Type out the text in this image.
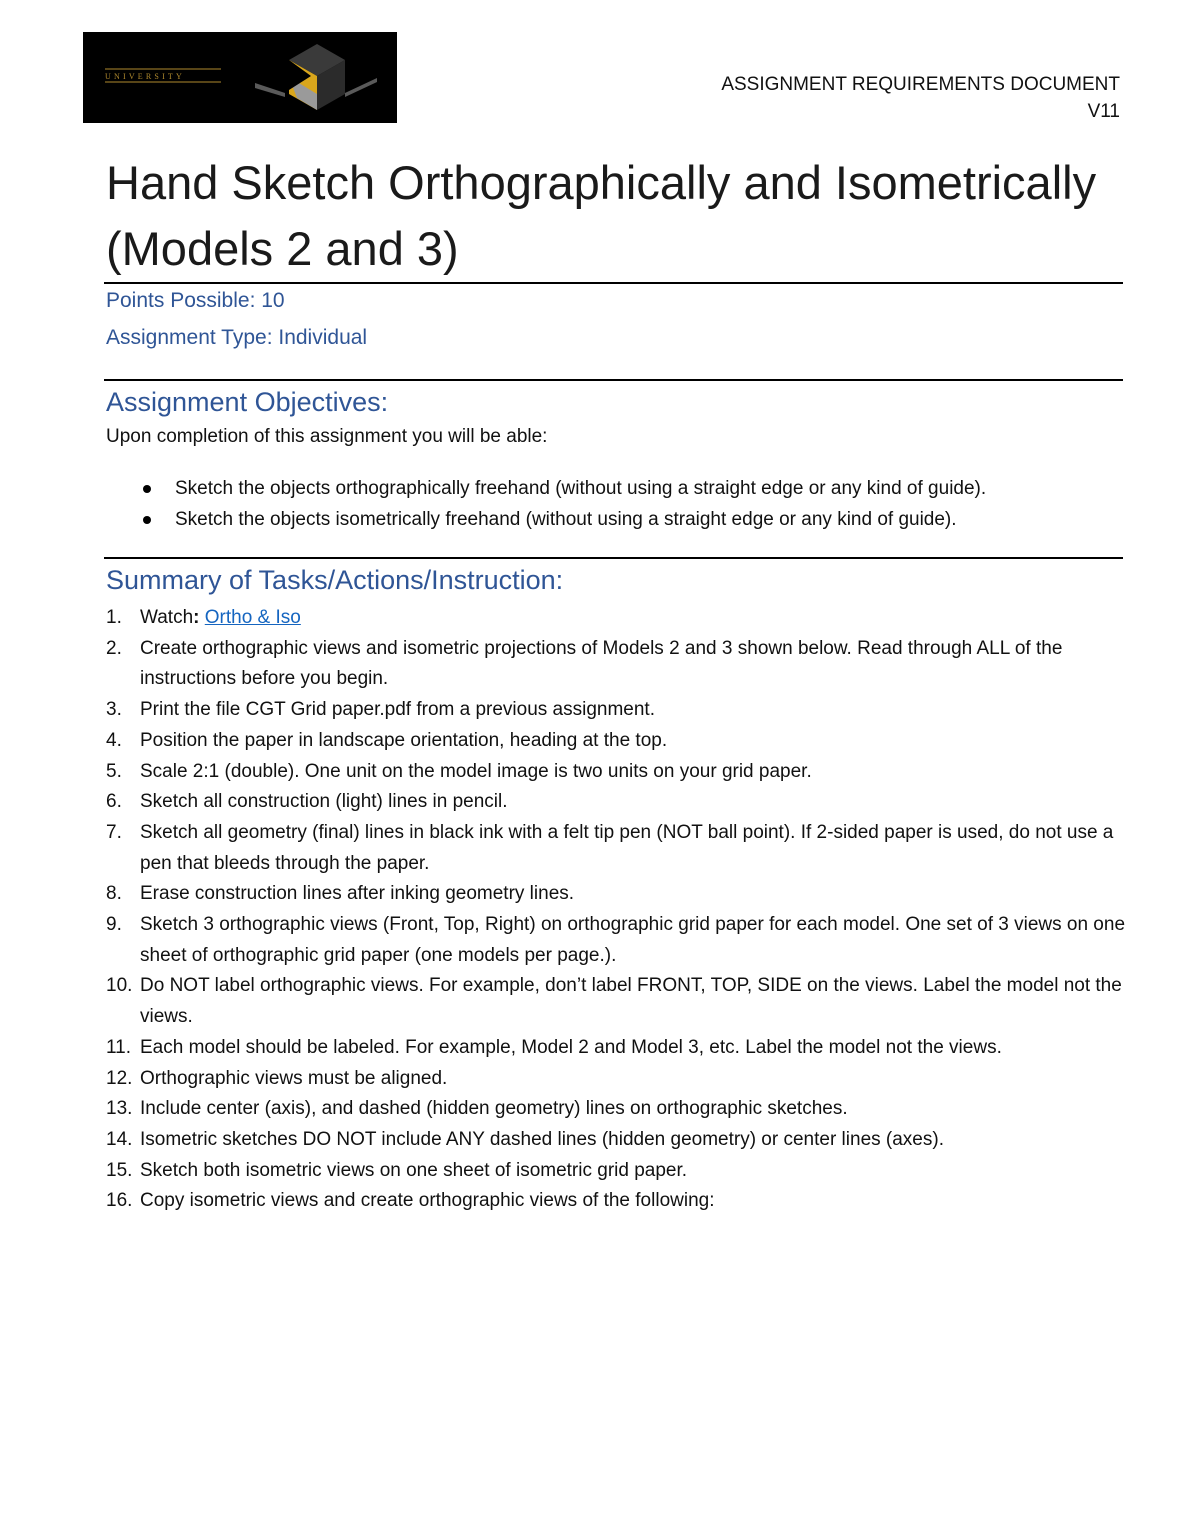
UNIVERSITY	ASSIGNMENT REQUIREMENTS DOCUMENT
V11
Hand Sketch Orthographically and Isometrically
(Models 2 and 3)
Points Possible: 10
Assignment Type: Individual
Assignment Objectives:
Upon completion of this assignment you will be able:
Sketch the objects orthographically freehand (without using a straight edge or any kind of guide).
Sketch the objects isometrically freehand (without using a straight edge or any kind of guide).
Summary of Tasks/Actions/Instruction:
1. Watch: Ortho & Iso
2. Create orthographic views and isometric projections of Models 2 and 3 shown below. Read through ALL of the instructions before you begin.
3. Print the file CGT Grid paper.pdf from a previous assignment.
4. Position the paper in landscape orientation, heading at the top.
5. Scale 2:1 (double). One unit on the model image is two units on your grid paper.
6. Sketch all construction (light) lines in pencil.
7. Sketch all geometry (final) lines in black ink with a felt tip pen (NOT ball point). If 2-sided paper is used, do not use a pen that bleeds through the paper.
8. Erase construction lines after inking geometry lines.
9. Sketch 3 orthographic views (Front, Top, Right) on orthographic grid paper for each model. One set of 3 views on one sheet of orthographic grid paper (one models per page.).
10. Do NOT label orthographic views. For example, don’t label FRONT, TOP, SIDE on the views. Label the model not the views.
11. Each model should be labeled. For example, Model 2 and Model 3, etc. Label the model not the views.
12. Orthographic views must be aligned.
13. Include center (axis), and dashed (hidden geometry) lines on orthographic sketches.
14. Isometric sketches DO NOT include ANY dashed lines (hidden geometry) or center lines (axes).
15. Sketch both isometric views on one sheet of isometric grid paper.
16. Copy isometric views and create orthographic views of the following:
